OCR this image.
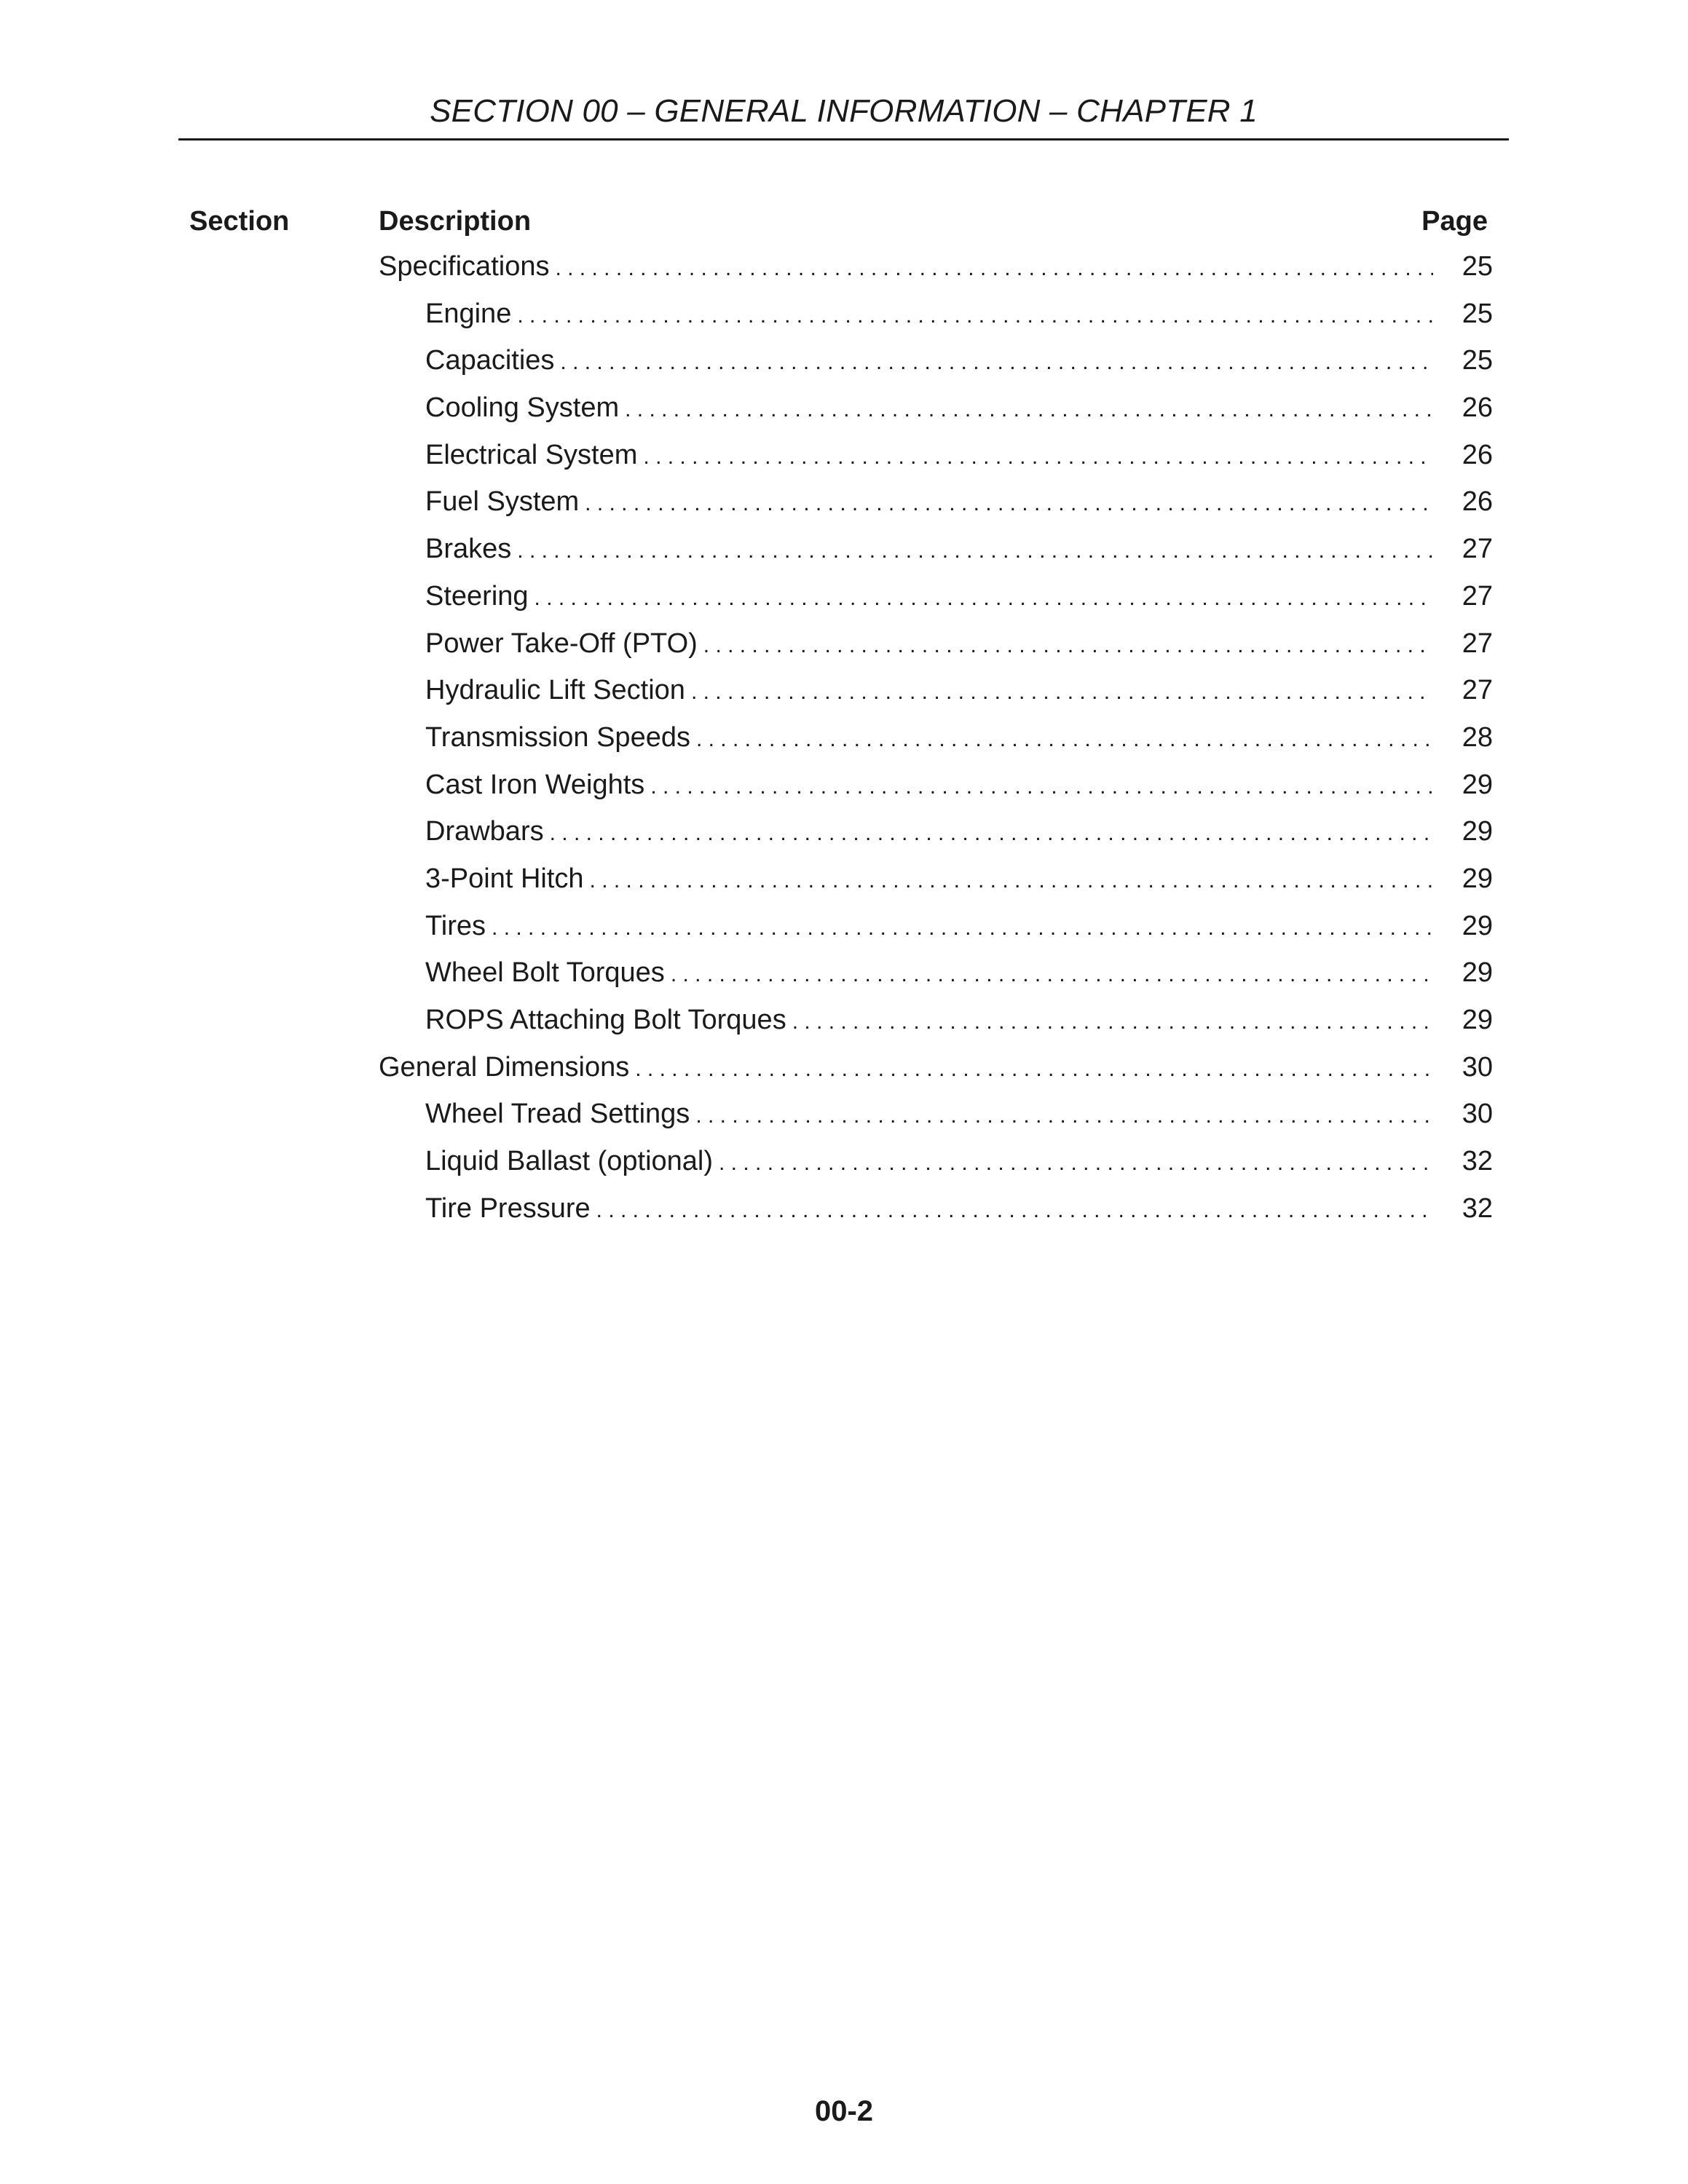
SECTION 00 – GENERAL INFORMATION – CHAPTER 1
Section	Description	Page
Specifications . . .	25
Engine . . .	25
Capacities . . .	25
Cooling System . . .	26
Electrical System . . .	26
Fuel System . . .	26
Brakes . . .	27
Steering . . .	27
Power Take-Off (PTO) . . .	27
Hydraulic Lift Section . . .	27
Transmission Speeds . . .	28
Cast Iron Weights . . .	29
Drawbars . . .	29
3-Point Hitch . . .	29
Tires . . .	29
Wheel Bolt Torques . . .	29
ROPS Attaching Bolt Torques . . .	29
General Dimensions . . .	30
Wheel Tread Settings . . .	30
Liquid Ballast (optional) . . .	32
Tire Pressure . . .	32
00-2
